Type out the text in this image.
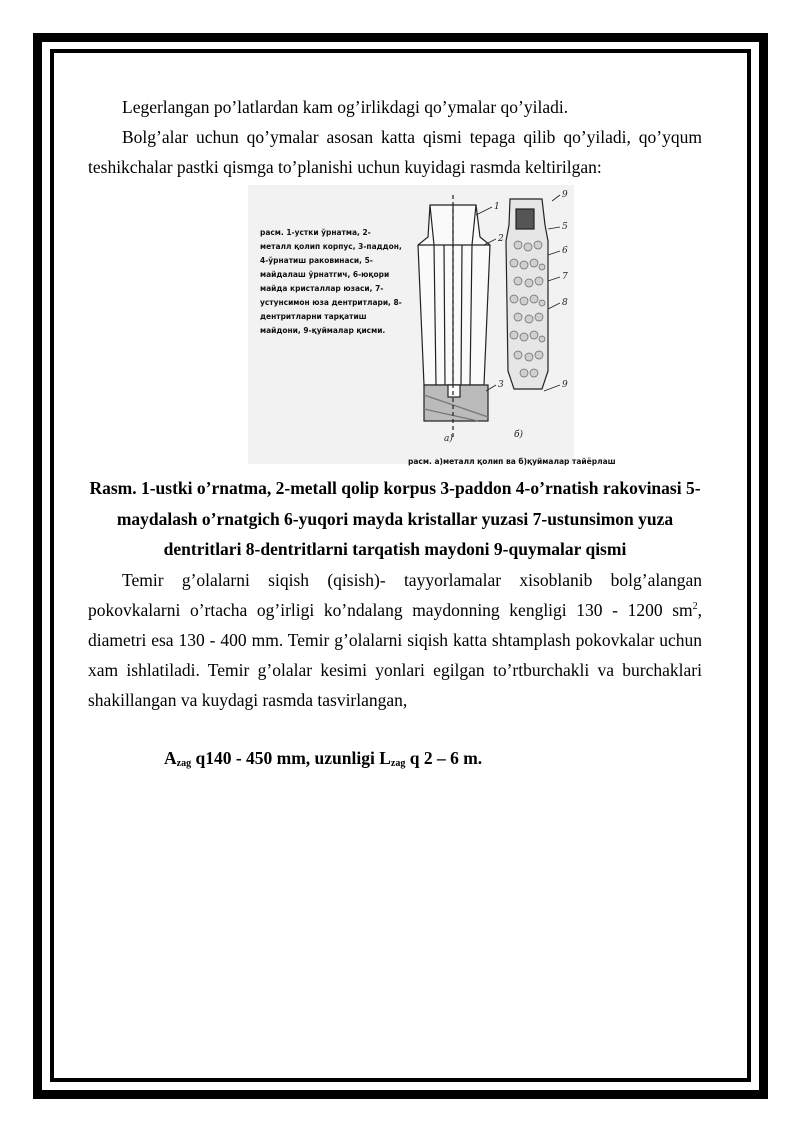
Legerlangan po’latlardan kam og’irlikdagi qo’ymalar qo’yiladi.

Bolg’alar uchun qo’ymalar asosan katta qismi tepaga qilib qo’yiladi, qo’yqum teshikchalar pastki qismga to’planishi uchun kuyidagi rasmda keltirilgan:

расм. 1-устки ўрнатма, 2-металл қолип корпус, 3-паддон, 4-ўрнатиш раковинаси, 5-майдалаш ўрнатгич, 6-юқори майда кристаллар юзаси, 7-устунсимон юза дентритлари, 8-дентритларни тарқатиш майдони, 9-қуймалар қисми.
1
2
3
9
5
6
7
8
9
а)	б)
расм. а)металл қолип ва б)қуймалар тайёрлаш

Rasm. 1-ustki o’rnatma, 2-metall qolip korpus 3-paddon 4-o’rnatish rakovinasi 5-maydalash o’rnatgich 6-yuqori mayda kristallar yuzasi 7-ustunsimon yuza dentritlari 8-dentritlarni tarqatish maydoni 9-quymalar qismi

Temir g’olalarni siqish (qisish)- tayyorlamalar xisoblanib bolg’alangan pokovkalarni o’rtacha og’irligi ko’ndalang maydonning kengligi 130 - 1200 $sm^2$, diametri esa 130 - 400 mm. Temir g’olalarni siqish katta shtamplash pokovkalar uchun xam ishlatiladi. Temir g’olalar kesimi yonlari egilgan to’rtburchakli va burchaklari shakillangan va kuydagi rasmda tasvirlangan,

$A_{zag}$ q140 - 450 mm, uzunligi $L_{zag}$ q 2 – 6 m.
